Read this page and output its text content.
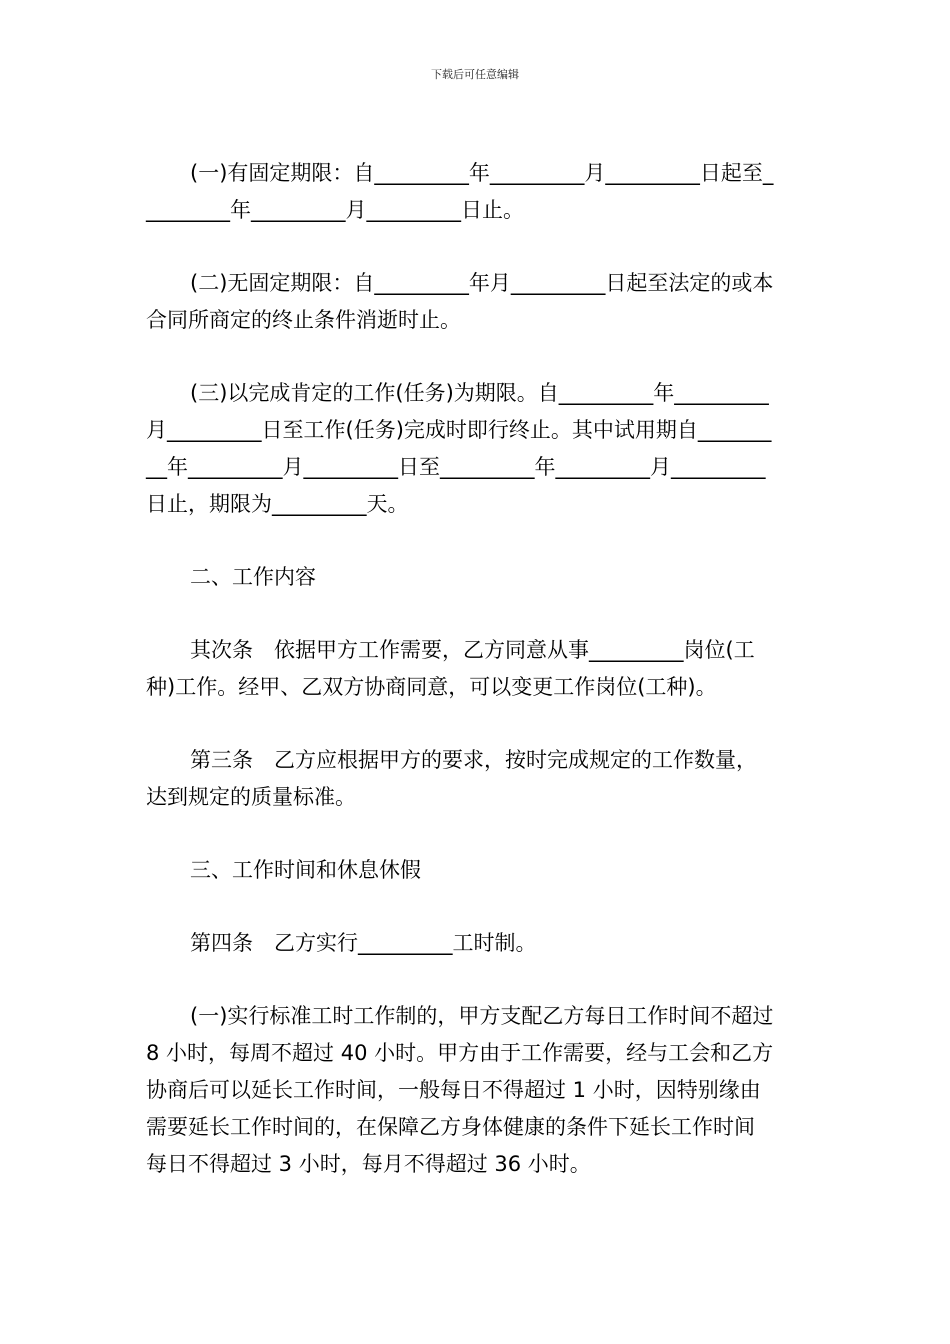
下载后可任意编辑
(一)有固定期限：自_________年_________月_________日起至_
________年_________月_________日止。
(二)无固定期限：自_________年月_________日起至法定的或本
合同所商定的终止条件消逝时止。
(三)以完成肯定的工作(任务)为期限。自_________年_________
月_________日至工作(任务)完成时即行终止。其中试用期自_______
__年_________月_________日至_________年_________月_________
日止，期限为_________天。
二、工作内容
其次条　依据甲方工作需要，乙方同意从事_________岗位(工
种)工作。经甲、乙双方协商同意，可以变更工作岗位(工种)。
第三条　乙方应根据甲方的要求，按时完成规定的工作数量，
达到规定的质量标准。
三、工作时间和休息休假
第四条　乙方实行_________工时制。
(一)实行标准工时工作制的，甲方支配乙方每日工作时间不超过
8 小时，每周不超过 40 小时。甲方由于工作需要，经与工会和乙方
协商后可以延长工作时间，一般每日不得超过 1 小时，因特别缘由
需要延长工作时间的，在保障乙方身体健康的条件下延长工作时间
每日不得超过 3 小时，每月不得超过 36 小时。
